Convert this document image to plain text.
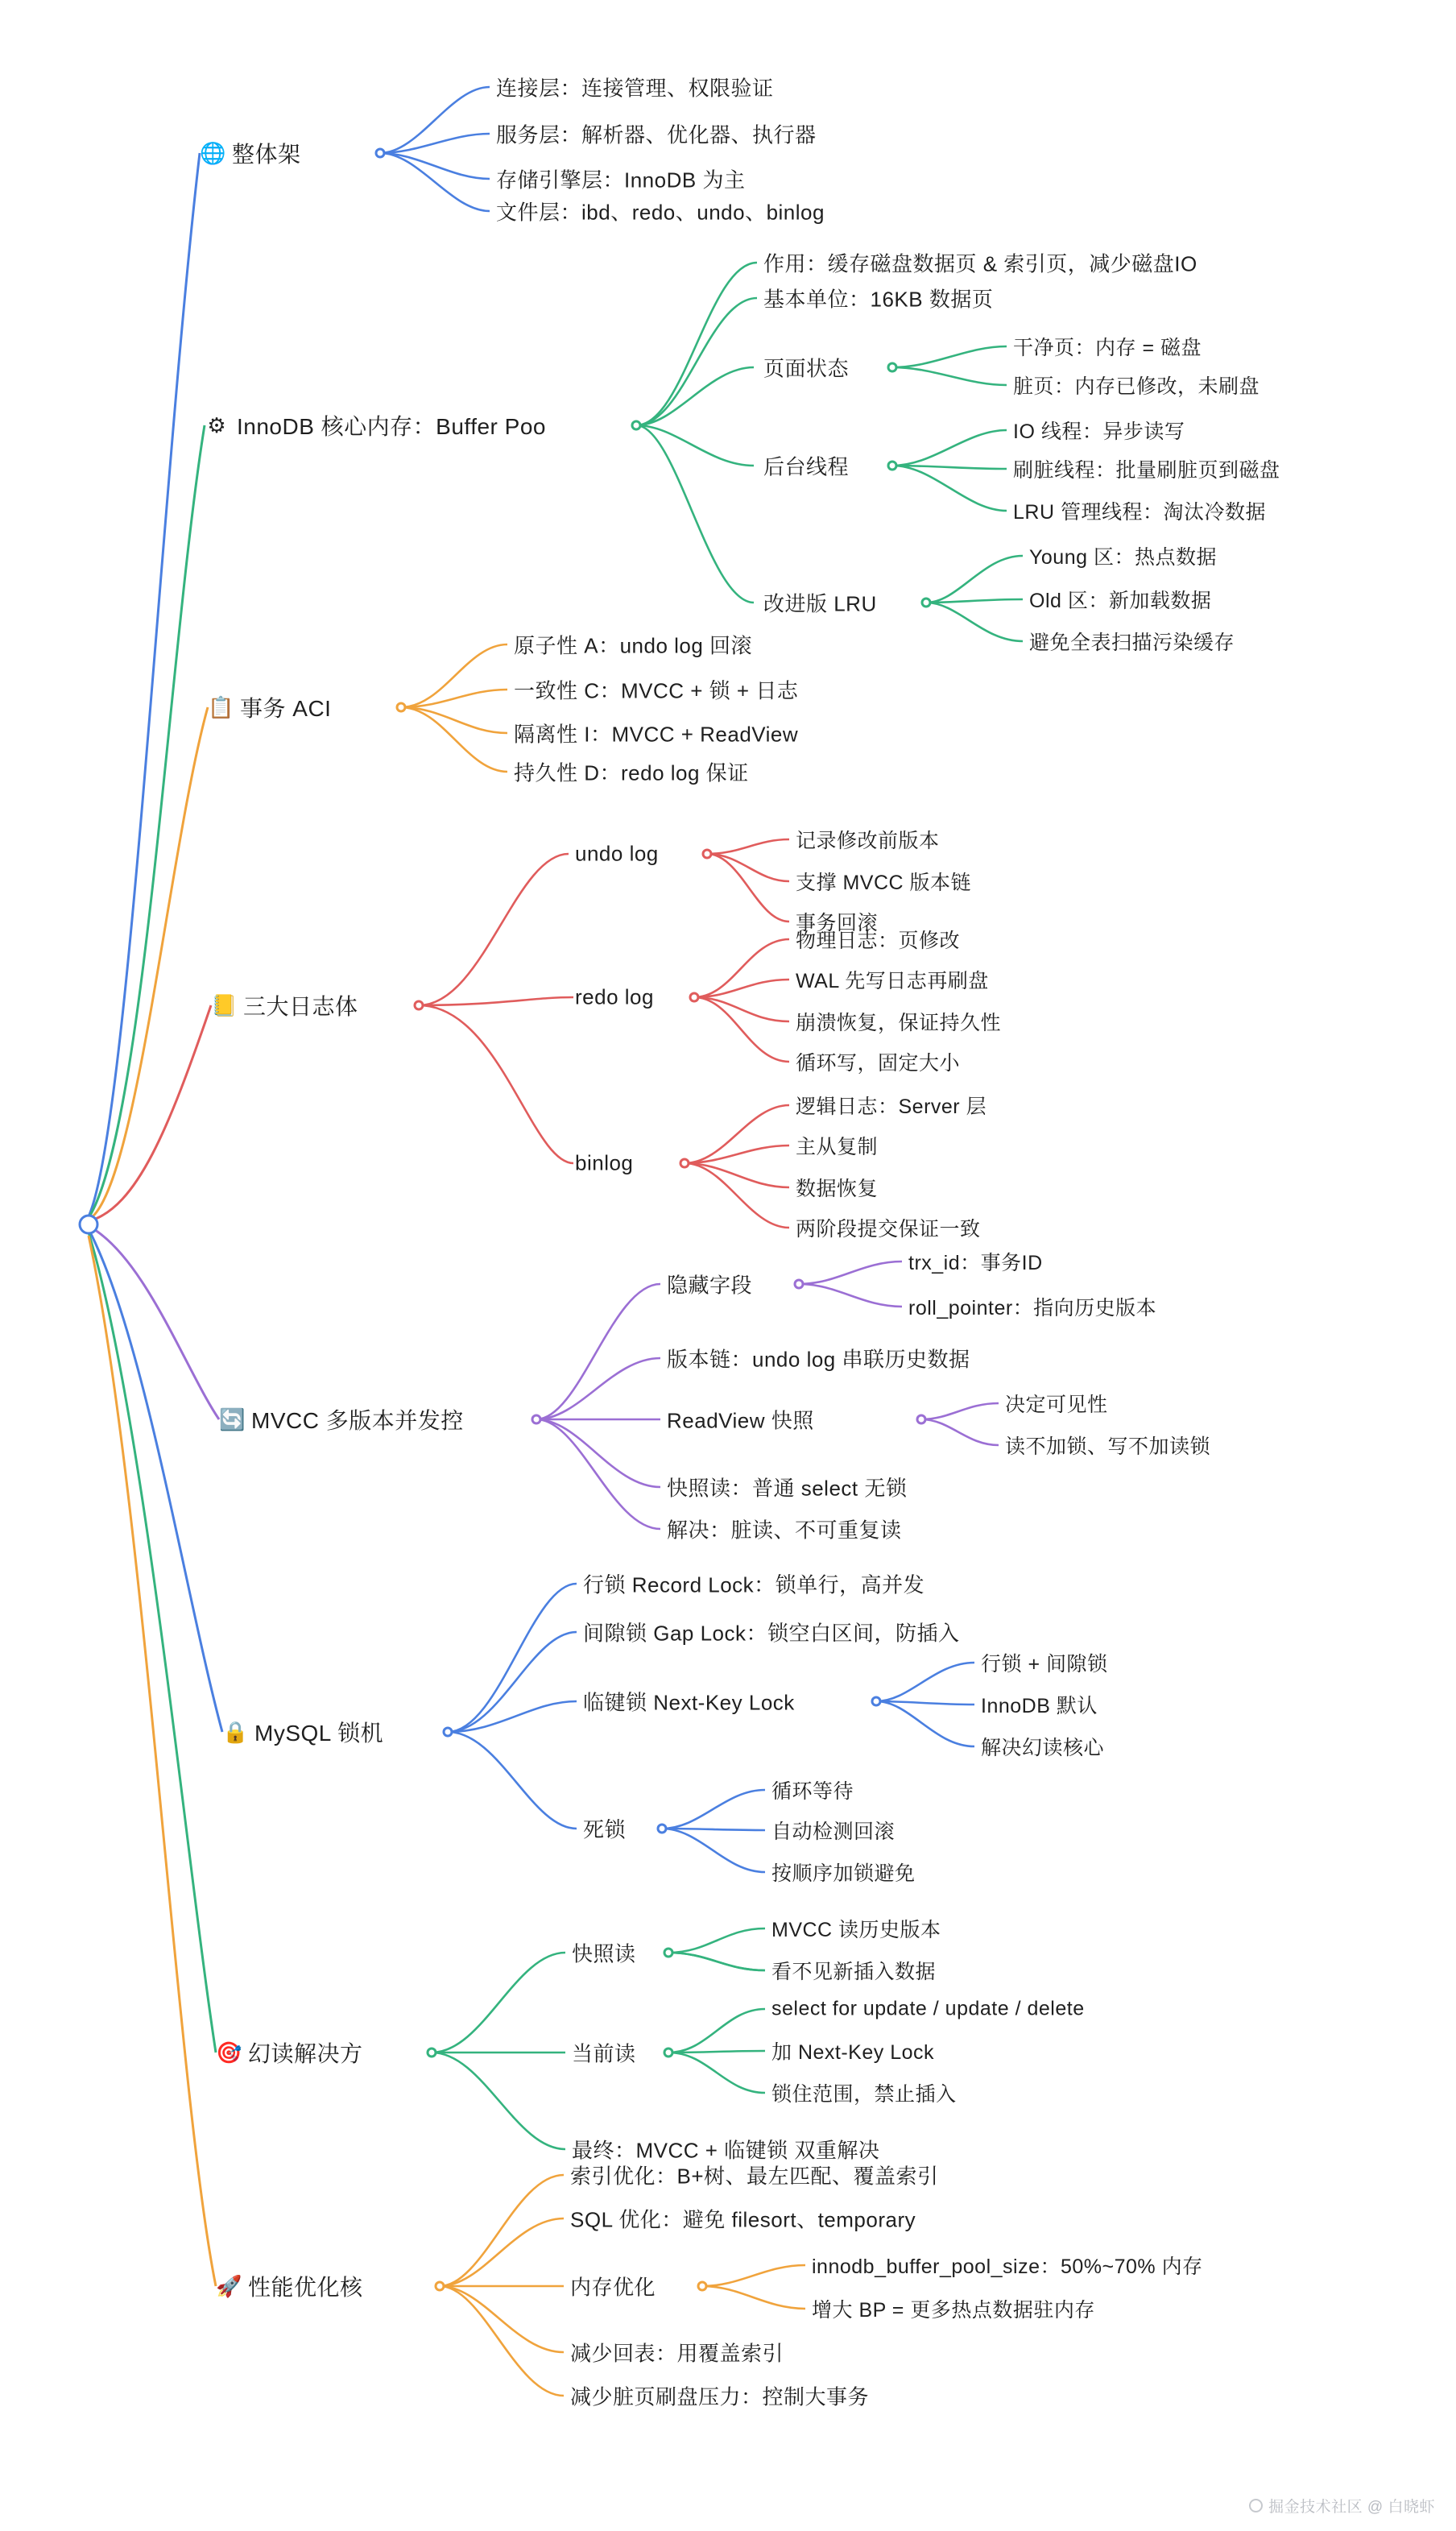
🌐 整体架
⚙ InnoDB 核心内存：Buffer Poo
📋 事务 ACI
📒 三大日志体
🔄 MVCC 多版本并发控
🔒 MySQL 锁机
🎯 幻读解决方
🚀 性能优化核
连接层：连接管理、权限验证
服务层：解析器、优化器、执行器
存储引擎层：InnoDB 为主
文件层：ibd、redo、undo、binlog
作用：缓存磁盘数据页 & 索引页，减少磁盘IO
基本单位：16KB 数据页
页面状态
干净页：内存 = 磁盘
脏页：内存已修改，未刷盘
后台线程
IO 线程：异步读写
刷脏线程：批量刷脏页到磁盘
LRU 管理线程：淘汰冷数据
改进版 LRU
Young 区：热点数据
Old 区：新加载数据
避免全表扫描污染缓存
原子性 A：undo log 回滚
一致性 C：MVCC + 锁 + 日志
隔离性 I：MVCC + ReadView
持久性 D：redo log 保证
undo log
记录修改前版本
支撑 MVCC 版本链
事务回滚
redo log
物理日志：页修改
WAL 先写日志再刷盘
崩溃恢复，保证持久性
循环写，固定大小
binlog
逻辑日志：Server 层
主从复制
数据恢复
两阶段提交保证一致
隐藏字段
trx_id：事务ID
roll_pointer：指向历史版本
版本链：undo log 串联历史数据
ReadView 快照
决定可见性
读不加锁、写不加读锁
快照读：普通 select 无锁
解决：脏读、不可重复读
行锁 Record Lock：锁单行，高并发
间隙锁 Gap Lock：锁空白区间，防插入
临键锁 Next-Key Lock
行锁 + 间隙锁
InnoDB 默认
解决幻读核心
死锁
循环等待
自动检测回滚
按顺序加锁避免
快照读
MVCC 读历史版本
看不见新插入数据
当前读
select for update / update / delete
加 Next-Key Lock
锁住范围，禁止插入
最终：MVCC + 临键锁 双重解决
索引优化：B+树、最左匹配、覆盖索引
SQL 优化：避免 filesort、temporary
内存优化
innodb_buffer_pool_size：50%~70% 内存
增大 BP = 更多热点数据驻内存
减少回表：用覆盖索引
减少脏页刷盘压力：控制大事务
掘金技术社区 @ 白晓虾
